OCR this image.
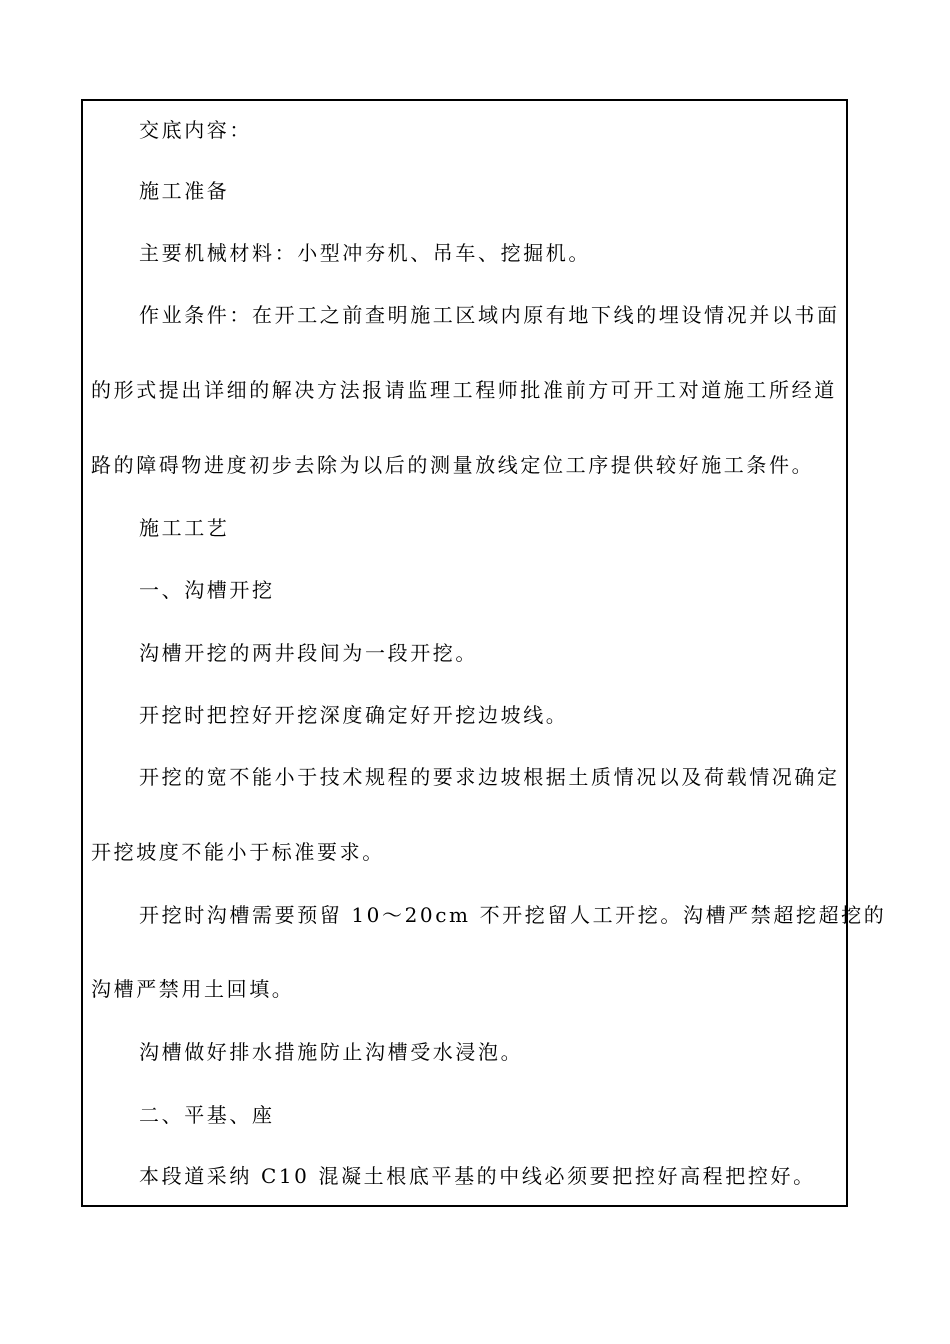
交底内容：
施工准备
主要机械材料：小型冲夯机、吊车、挖掘机。
作业条件：在开工之前查明施工区域内原有地下线的埋设情况并以书面
的形式提出详细的解决方法报请监理工程师批准前方可开工对道施工所经道
路的障碍物进度初步去除为以后的测量放线定位工序提供较好施工条件。
施工工艺
一、沟槽开挖
沟槽开挖的两井段间为一段开挖。
开挖时把控好开挖深度确定好开挖边坡线。
开挖的宽不能小于技术规程的要求边坡根据土质情况以及荷载情况确定
开挖坡度不能小于标准要求。
开挖时沟槽需要预留 10～20cm 不开挖留人工开挖。沟槽严禁超挖超挖的
沟槽严禁用土回填。
沟槽做好排水措施防止沟槽受水浸泡。
二、平基、座
本段道采纳 C10 混凝土根底平基的中线必须要把控好高程把控好。
